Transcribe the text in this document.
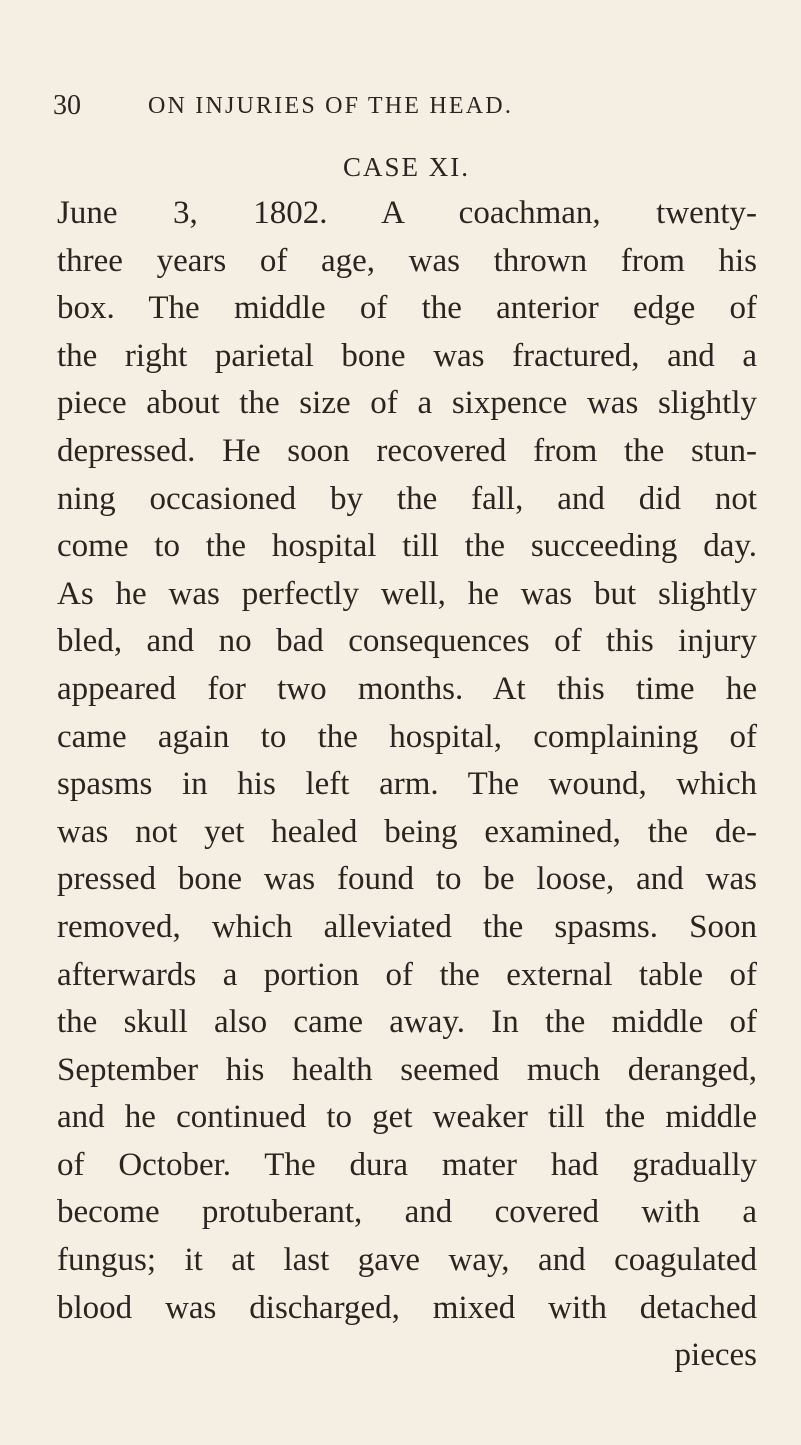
30	ON INJURIES OF THE HEAD.
CASE XI.
June 3, 1802. A coachman, twenty-
three years of age, was thrown from his
box. The middle of the anterior edge of
the right parietal bone was fractured, and a
piece about the size of a sixpence was slightly
depressed. He soon recovered from the stun-
ning occasioned by the fall, and did not
come to the hospital till the succeeding day.
As he was perfectly well, he was but slightly
bled, and no bad consequences of this injury
appeared for two months. At this time he
came again to the hospital, complaining of
spasms in his left arm. The wound, which
was not yet healed being examined, the de-
pressed bone was found to be loose, and was
removed, which alleviated the spasms. Soon
afterwards a portion of the external table of
the skull also came away. In the middle of
September his health seemed much deranged,
and he continued to get weaker till the middle
of October. The dura mater had gradually
become protuberant, and covered with a
fungus; it at last gave way, and coagulated
blood was discharged, mixed with detached
pieces
